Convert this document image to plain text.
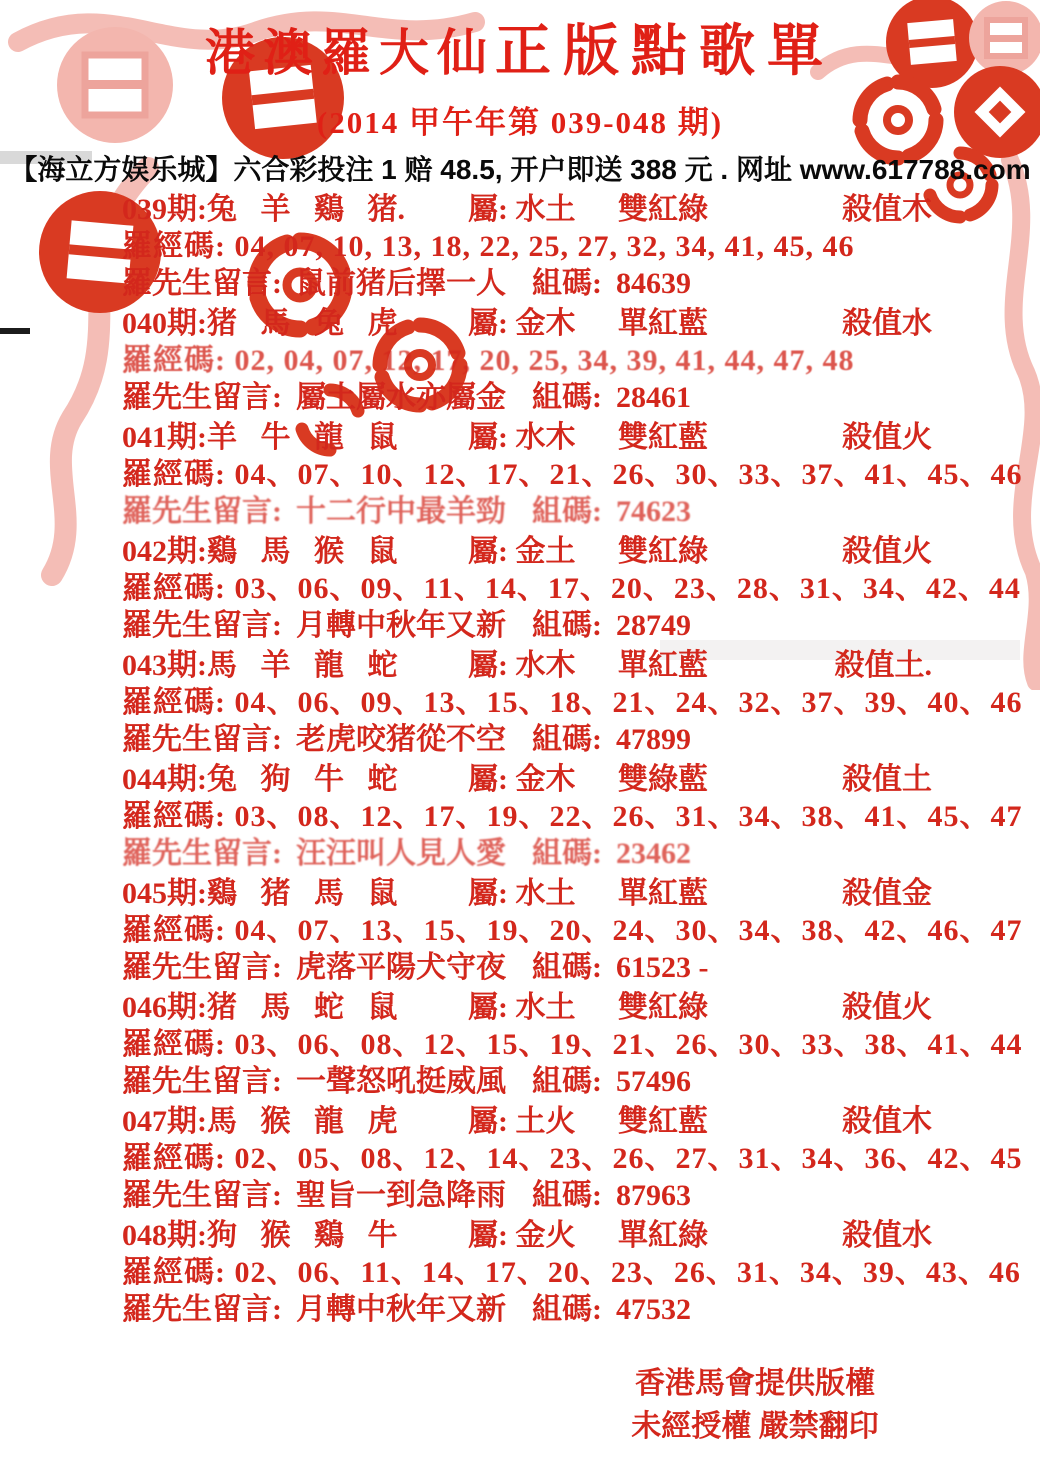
港澳羅大仙正版點歌單
(2014 甲午年第 039-048 期)
【海立方娱乐城】六合彩投注 1 赔 48.5, 开户即送 388 元 . 网址 www.617788.com
039期:兔 羊 鷄 猪.	屬: 水土	雙紅綠	殺值木
羅經碼: 04, 07, 10, 13, 18, 22, 25, 27, 32, 34, 41, 45, 46
羅先生留言: 鼠前猪后擇一人 組碼: 84639
040期:猪 馬 兔 虎	屬: 金木	單紅藍	殺值水
羅經碼: 02, 04, 07, 12, 17, 20, 25, 34, 39, 41, 44, 47, 48
羅先生留言: 屬土屬水亦屬金 組碼: 28461
041期:羊 牛 龍 鼠	屬: 水木	雙紅藍	殺值火
羅經碼: 04、07、10、12、17、21、26、30、33、37、41、45、46
羅先生留言: 十二行中最羊勁 組碼: 74623
042期:鷄 馬 猴 鼠	屬: 金土	雙紅綠	殺值火
羅經碼: 03、06、09、11、14、17、20、23、28、31、34、42、44
羅先生留言: 月轉中秋年又新 組碼: 28749
043期:馬 羊 龍 蛇	屬: 水木	單紅藍	殺值土.
羅經碼: 04、06、09、13、15、18、21、24、32、37、39、40、46
羅先生留言: 老虎咬猪從不空 組碼: 47899
044期:兔 狗 牛 蛇	屬: 金木	雙綠藍	殺值土
羅經碼: 03、08、12、17、19、22、26、31、34、38、41、45、47
羅先生留言: 汪汪叫人見人愛 組碼: 23462
045期:鷄 猪 馬 鼠	屬: 水土	單紅藍	殺值金
羅經碼: 04、07、13、15、19、20、24、30、34、38、42、46、47
羅先生留言: 虎落平陽犬守夜 組碼: 61523 -
046期:猪 馬 蛇 鼠	屬: 水土	雙紅綠	殺值火
羅經碼: 03、06、08、12、15、19、21、26、30、33、38、41、44
羅先生留言: 一聲怒吼挺威風 組碼: 57496
047期:馬 猴 龍 虎	屬: 土火	雙紅藍	殺值木
羅經碼: 02、05、08、12、14、23、26、27、31、34、36、42、45
羅先生留言: 聖旨一到急降雨 組碼: 87963
048期:狗 猴 鷄 牛	屬: 金火	單紅綠	殺值水
羅經碼: 02、06、11、14、17、20、23、26、31、34、39、43、46
羅先生留言: 月轉中秋年又新 組碼: 47532
香港馬會提供版權
未經授權 嚴禁翻印
